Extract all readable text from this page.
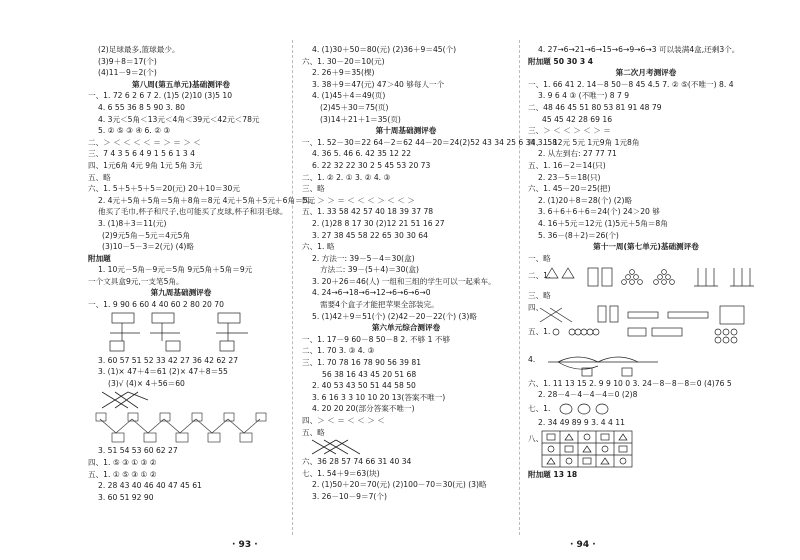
(2)足球最多,篮球最少。
(3)9＋8＝17(个)
(4)11－9＝2(个)
第八周(第五单元)基础测评卷
一、1. 72 6 2 6 7 2. (1)5 (2)10 (3)5 10
4. 6 55 36 8 5 90 3. 80
4. 3元＜5角＜13元＜4角＜39元＜42元＜78元
5. ② ⑤ ③ ④ 6. ② ③
二、＞ ＜ ＜ ＜ ＜ ＝ ＞ ＝ ＞ ＜
三、7 4 3 5 6 4 9 1 5 6 1 3 4
四、1元6角 4元 9角 1元 5角 3元
五、略
六、1. 5＋5＋5＋5＝20(元) 20＋10＝30元
2. 4元＋5角＋5角＝5角＋8角＝8元 4元＋5角＋5元＋6角＝5元
他买了毛巾,杯子和尺子,也可能买了皮球,杯子和羽毛球。
3. (1)8＋3＝11(元)
(2)9元5角－5元＝4元5角
(3)10－5－3＝2(元) (4)略
附加题
1. 10元－5角－9元＝5角 9元5角＋5角＝9元
一个文具盒9元,一支笔5角。
第九周基础测评卷
一、1. 9 90 6 60 4 40 60 2 80 20 70
3. 60 57 51 52 33 42 27 36 42 62 27
3. (1)× 47＋4＝61 (2)× 47＋8＝55
(3)√ (4)× 4＋56＝60
3. 51 54 53 60 62 27
四、1. ⑤ ③ ① ③ ②
五、1. ① ⑤ ③ ① ②
2. 28 43 40 46 40 47 45 61
3. 60 51 92 90
4. (1)30＋50＝80(元) (2)36＋9＝45(个)
六、1. 30－20＝10(元)
2. 26＋9＝35(棵)
3. 38＋9＝47(元) 47＞40 够每人一个
4. (1)45＋4＝49(页)
(2)45＋30＝75(页)
(3)14＋21＋1＝35(页)
第十周基础测评卷
一、1. 52－30＝22 64－2＝62 44－20＝24(2)52 43 34 25 6 34 3. 58
4. 36 5. 46 6. 42 35 12 22
6. 22 32 22 30 2 5 45 53 20 73
二、1. ② 2. ① 3. ② 4. ③
三、略
四、＞ ＞ ＝ ＜ ＜ ＜ ＞ ＜ ＜ ＞
五、1. 33 58 42 57 40 18 39 37 78
2. (1)28 8 17 30 (2)12 21 51 16 27
3. 27 38 45 58 22 65 30 30 64
六、1. 略
2. 方法一: 39－5－4＝30(盒)
方法二: 39－(5＋4)＝30(盒)
3. 20＋26＝46(人) 一组和三组的学生可以一起乘车。
4. 24→6→18→6→12→6→6→6→0
需要4个盒子才能把苹果全部装完。
5. (1)42＋9＝51(个) (2)42－20－22(个) (3)略
第六单元综合测评卷
一、1. 17－9 60－8 50－8 2. 不够 1 不够
二、1. 70 3. ③ 4. ③
三、1. 70 78 16 78 90 56 39 81
56 38 16 43 45 20 51 68
2. 40 53 43 50 51 44 58 50
3. 6 16 3 3 10 10 20 13(答案不唯一)
4. 20 20 20(部分答案不唯一)
四、＞ ＜ ＝ ＜ ＜ ＞ ＜
五、略
六、36 28 57 74 66 31 40 34
七、1. 54＋9＝63(块)
2. (1)50＋20＝70(元) (2)100－70＝30(元) (3)略
3. 26－10－9＝7(个)
4. 27→6→21→6→15→6→9→6→3 可以装满4盒,还剩3个。
附加题 50 30 3 4
第二次月考测评卷
一、1. 66 41 2. 14－8 50－8 45 4.5 7. ② ⑤(不唯一) 8. 4
3. 9 6 4 ③ (不唯一) 8 7 9
二、48 46 45 51 80 53 81 91 48 79
45 45 42 28 69 16
三、＞ ＜ ＜ ＞ ＜ ＞ ＝
四、1. 12元 5元 1元9角 1元8角
2. 从左到右: 27 77 71
五、1. 16－2＝14(只)
2. 23－5＝18(只)
六、1. 45－20＝25(把)
2. (1)20＋8＝28(个) (2)略
3. 6＋6＋6＋6＝24(个) 24＞20 够
4. 16＋5元＝12元 (1)5元＋5角＝8角
5. 36－(8＋2)＝26(个)
第十一周(第七单元)基础测评卷
一、略
二、1.
三、略
四、
五、1.
4.
六、1. 11 13 15 2. 9 9 10 0 3. 24－8－8－8＝0 (4)76 5
2. 28－4－4－4－4＝0 (2)8
七、1.
2. 34 49 89 9 3. 4 4 11
八、
附加题 13 18
· 93 ·	· 94 ·
